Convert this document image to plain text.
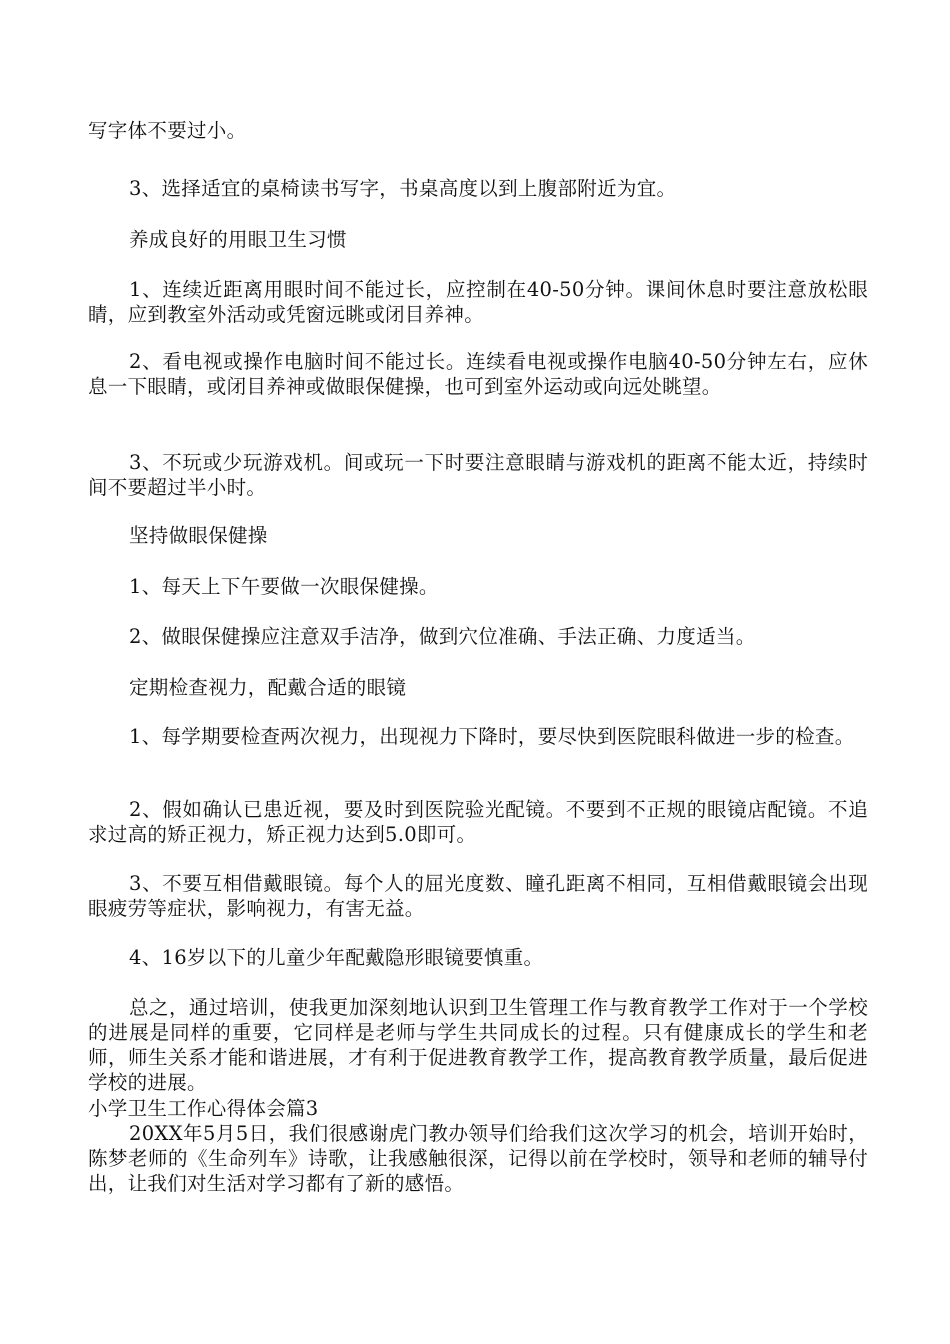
写字体不要过小。

3、选择适宜的桌椅读书写字，书桌高度以到上腹部附近为宜。

养成良好的用眼卫生习惯

1、连续近距离用眼时间不能过长，应控制在40-50分钟。课间休息时要注意放松眼睛，应到教室外活动或凭窗远眺或闭目养神。

2、看电视或操作电脑时间不能过长。连续看电视或操作电脑40-50分钟左右，应休息一下眼睛，或闭目养神或做眼保健操，也可到室外运动或向远处眺望。

3、不玩或少玩游戏机。间或玩一下时要注意眼睛与游戏机的距离不能太近，持续时间不要超过半小时。

坚持做眼保健操

1、每天上下午要做一次眼保健操。

2、做眼保健操应注意双手洁净，做到穴位准确、手法正确、力度适当。

定期检查视力，配戴合适的眼镜

1、每学期要检查两次视力，出现视力下降时，要尽快到医院眼科做进一步的检查。

2、假如确认已患近视，要及时到医院验光配镜。不要到不正规的眼镜店配镜。不追求过高的矫正视力，矫正视力达到5.0即可。

3、不要互相借戴眼镜。每个人的屈光度数、瞳孔距离不相同，互相借戴眼镜会出现眼疲劳等症状，影响视力，有害无益。

4、16岁以下的儿童少年配戴隐形眼镜要慎重。

总之，通过培训，使我更加深刻地认识到卫生管理工作与教育教学工作对于一个学校的进展是同样的重要，它同样是老师与学生共同成长的过程。只有健康成长的学生和老师，师生关系才能和谐进展，才有利于促进教育教学工作，提高教育教学质量，最后促进学校的进展。

小学卫生工作心得体会篇3

20XX年5月5日，我们很感谢虎门教办领导们给我们这次学习的机会，培训开始时，陈梦老师的《生命列车》诗歌，让我感触很深，记得以前在学校时，领导和老师的辅导付出，让我们对生活对学习都有了新的感悟。
